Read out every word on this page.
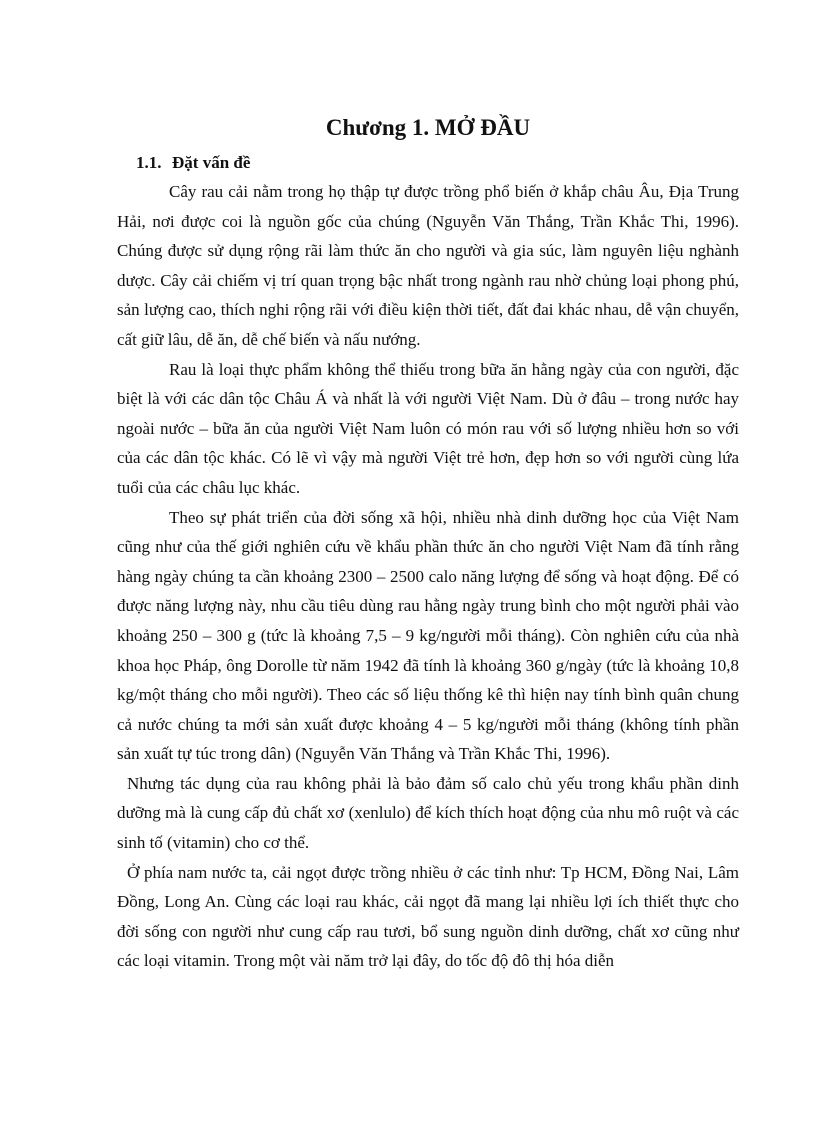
Chương 1. MỞ ĐẦU
1.1. Đặt vấn đề

Cây rau cải nằm trong họ thập tự được trồng phổ biến ở khắp châu Âu, Địa Trung Hải, nơi được coi là nguồn gốc của chúng (Nguyễn Văn Thắng, Trần Khắc Thi, 1996). Chúng được sử dụng rộng rãi làm thức ăn cho người và gia súc, làm nguyên liệu nghành dược. Cây cải chiếm vị trí quan trọng bậc nhất trong ngành rau nhờ chủng loại phong phú, sản lượng cao, thích nghi rộng rãi với điều kiện thời tiết, đất đai khác nhau, dễ vận chuyển, cất giữ lâu, dễ ăn, dễ chế biến và nấu nướng.

Rau là loại thực phẩm không thể thiếu trong bữa ăn hằng ngày của con người, đặc biệt là với các dân tộc Châu Á và nhất là với người Việt Nam. Dù ở đâu – trong nước hay ngoài nước – bữa ăn của người Việt Nam luôn có món rau với số lượng nhiều hơn so với của các dân tộc khác. Có lẽ vì vậy mà người Việt trẻ hơn, đẹp hơn so với người cùng lứa tuổi của các châu lục khác.

Theo sự phát triển của đời sống xã hội, nhiều nhà dinh dưỡng học của Việt Nam cũng như của thế giới nghiên cứu về khẩu phần thức ăn cho người Việt Nam đã tính rằng hàng ngày chúng ta cần khoảng 2300 – 2500 calo năng lượng để sống và hoạt động. Để có được năng lượng này, nhu cầu tiêu dùng rau hằng ngày trung bình cho một người phải vào khoảng 250 – 300 g (tức là khoảng 7,5 – 9 kg/người mỗi tháng). Còn nghiên cứu của nhà khoa học Pháp, ông Dorolle từ năm 1942 đã tính là khoảng 360 g/ngày (tức là khoảng 10,8 kg/một tháng cho mỗi người). Theo các số liệu thống kê thì hiện nay tính bình quân chung cả nước chúng ta mới sản xuất được khoảng 4 – 5 kg/người mỗi tháng (không tính phần sản xuất tự túc trong dân) (Nguyễn Văn Thắng và Trần Khắc Thi, 1996).

Nhưng tác dụng của rau không phải là bảo đảm số calo chủ yếu trong khẩu phần dinh dưỡng mà là cung cấp đủ chất xơ (xenlulo) để kích thích hoạt động của nhu mô ruột và các sinh tố (vitamin) cho cơ thể.

Ở phía nam nước ta, cải ngọt được trồng nhiều ở các tỉnh như: Tp HCM, Đồng Nai, Lâm Đồng, Long An. Cùng các loại rau khác, cải ngọt đã mang lại nhiều lợi ích thiết thực cho đời sống con người như cung cấp rau tươi, bổ sung nguồn dinh dưỡng, chất xơ cũng như các loại vitamin. Trong một vài năm trở lại đây, do tốc độ đô thị hóa diễn
